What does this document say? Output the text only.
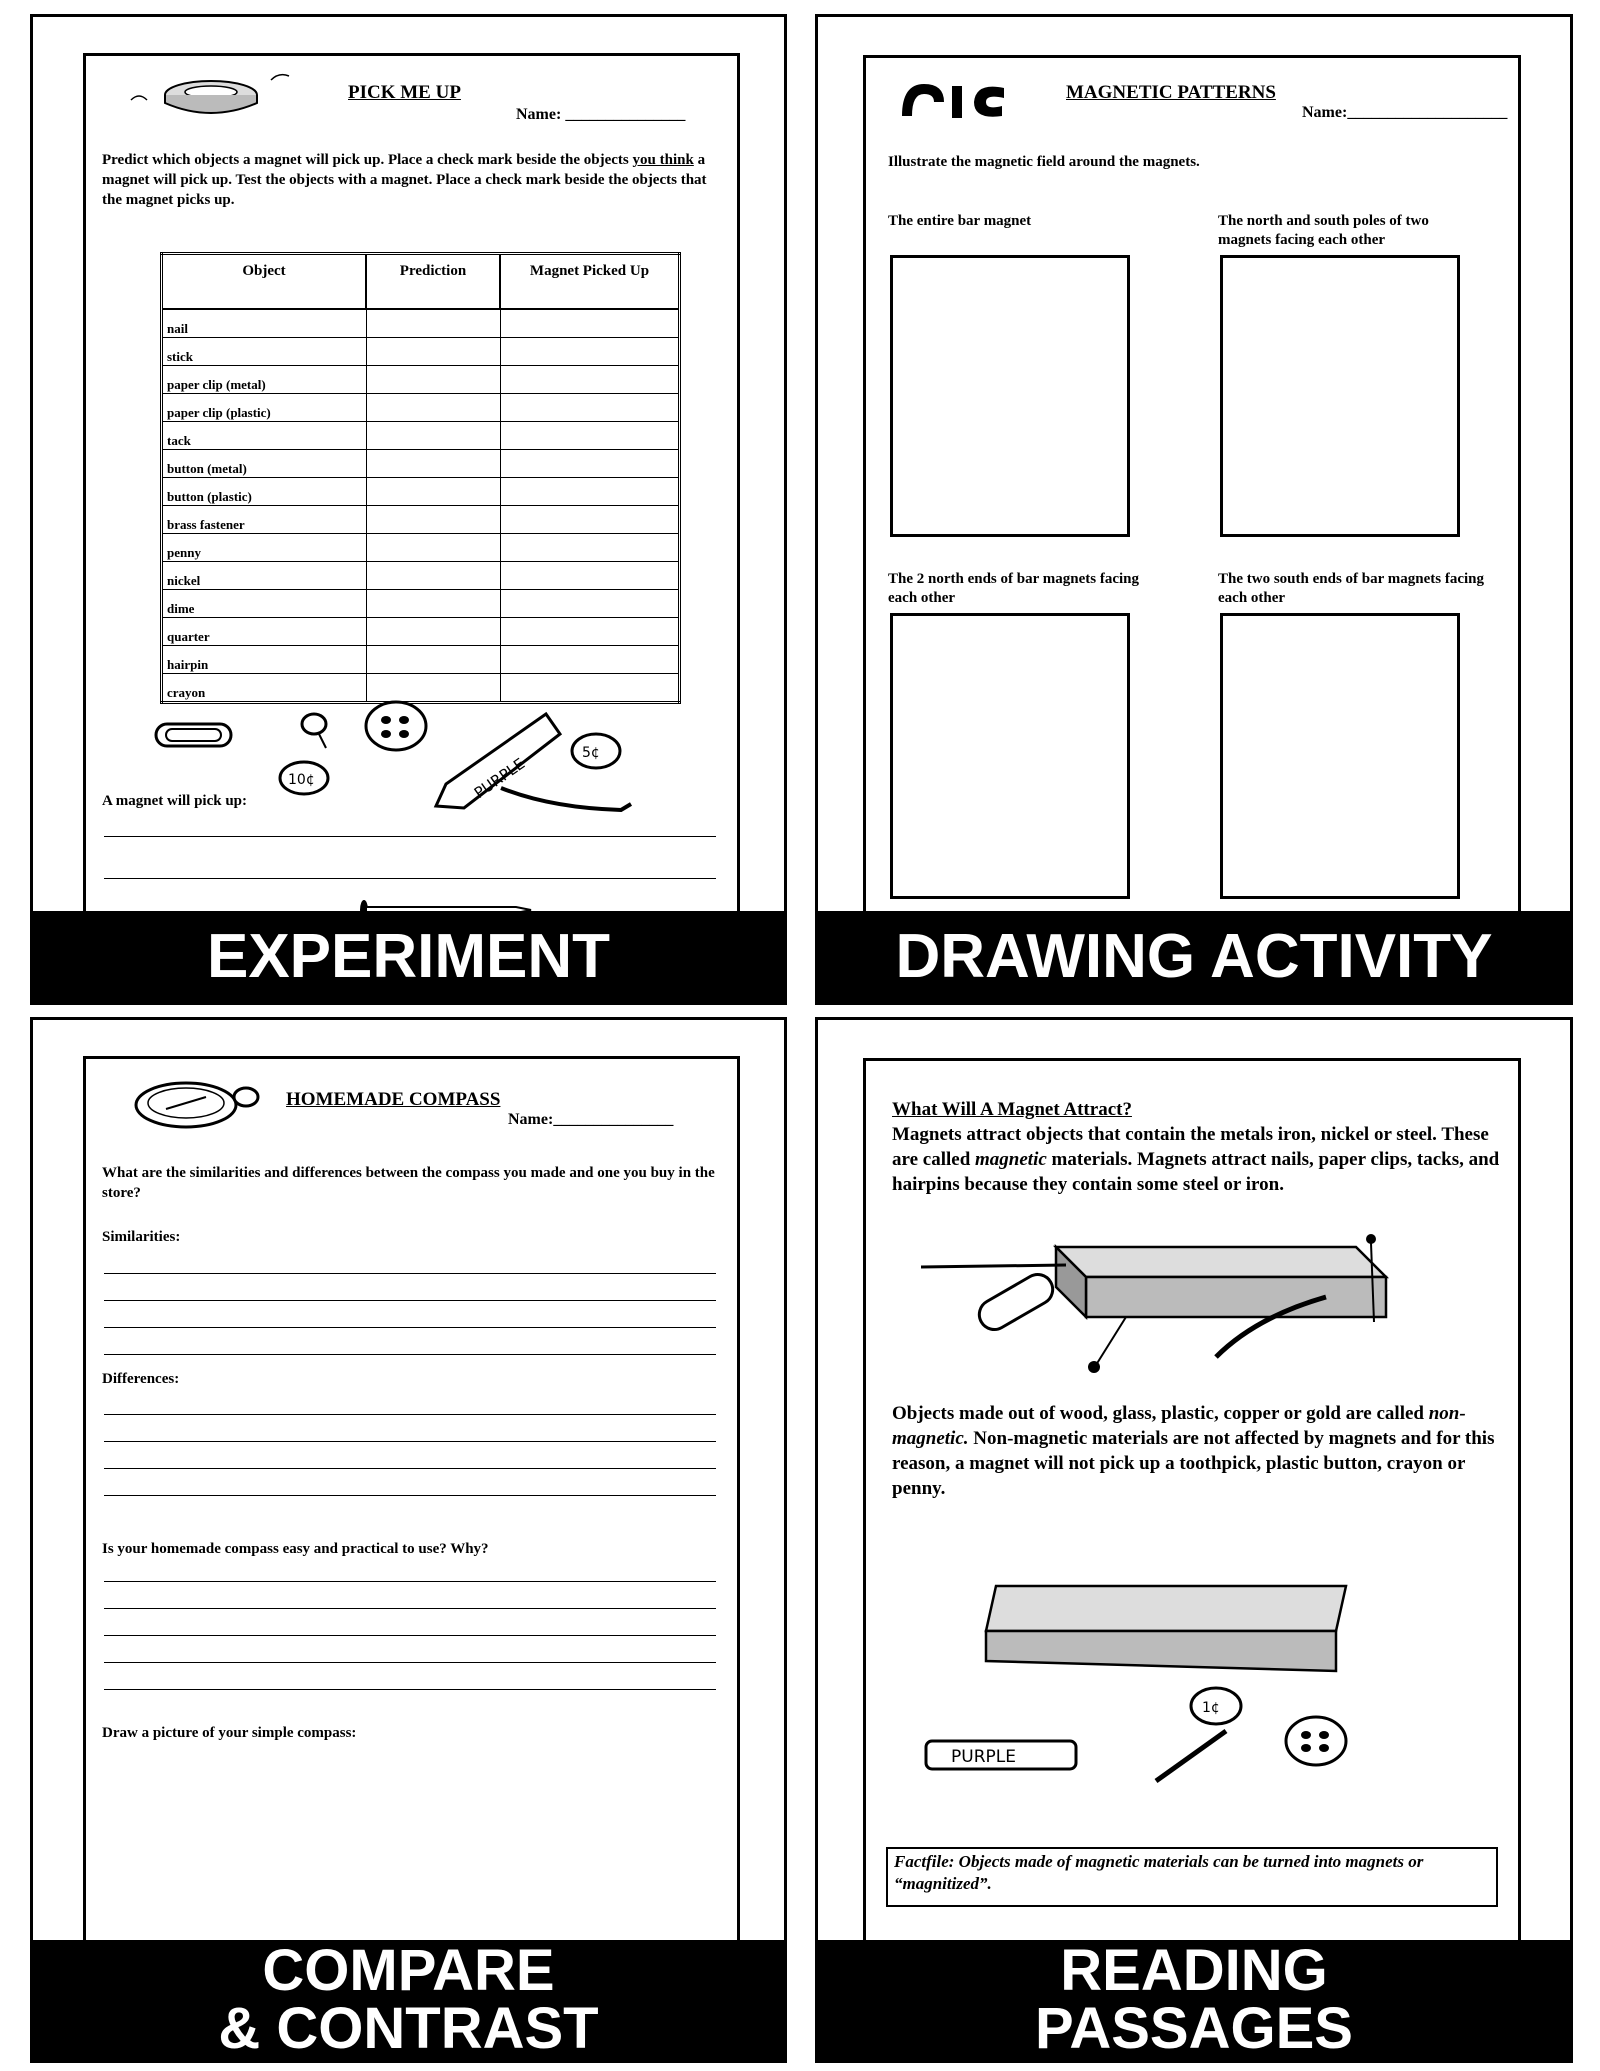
PICK ME UP
Name: _______________
Predict which objects a magnet will pick up. Place a check mark beside the objects you think a magnet will pick up. Test the objects with a magnet. Place a check mark beside the objects that the magnet picks up.
Object	Prediction	Magnet Picked Up
nail		
stick		
paper clip (metal)		
paper clip (plastic)		
tack		
button (metal)		
button (plastic)		
brass fastener		
penny		
nickel		
dime		
quarter		
hairpin		
crayon		
10¢	PURPLE
5¢
A magnet will pick up:
EXPERIMENT
MAGNETIC PATTERNS
Name:____________________
Illustrate the magnetic field around the magnets.
The entire bar magnet	The north and south poles of two magnets facing each other
The 2 north ends of bar magnets facing each other
The two south ends of bar magnets facing each other
DRAWING ACTIVITY
HOMEMADE COMPASS
Name:_______________
What are the similarities and differences between the compass you made and one you buy in the store?
Similarities:
Differences:
Is your homemade compass easy and practical to use? Why?
Draw a picture of your simple compass:
COMPARE
& CONTRAST
What Will A Magnet Attract?
Magnets attract objects that contain the metals iron, nickel or steel. These are called magnetic materials. Magnets attract nails, paper clips, tacks, and hairpins because they contain some steel or iron.
Objects made out of wood, glass, plastic, copper or gold are called non-magnetic. Non-magnetic materials are not affected by magnets and for this reason, a magnet will not pick up a toothpick, plastic button, crayon or penny.
1¢
PURPLE
Factfile: Objects made of magnetic materials can be turned into magnets or “magnitized”.
READING
PASSAGES
